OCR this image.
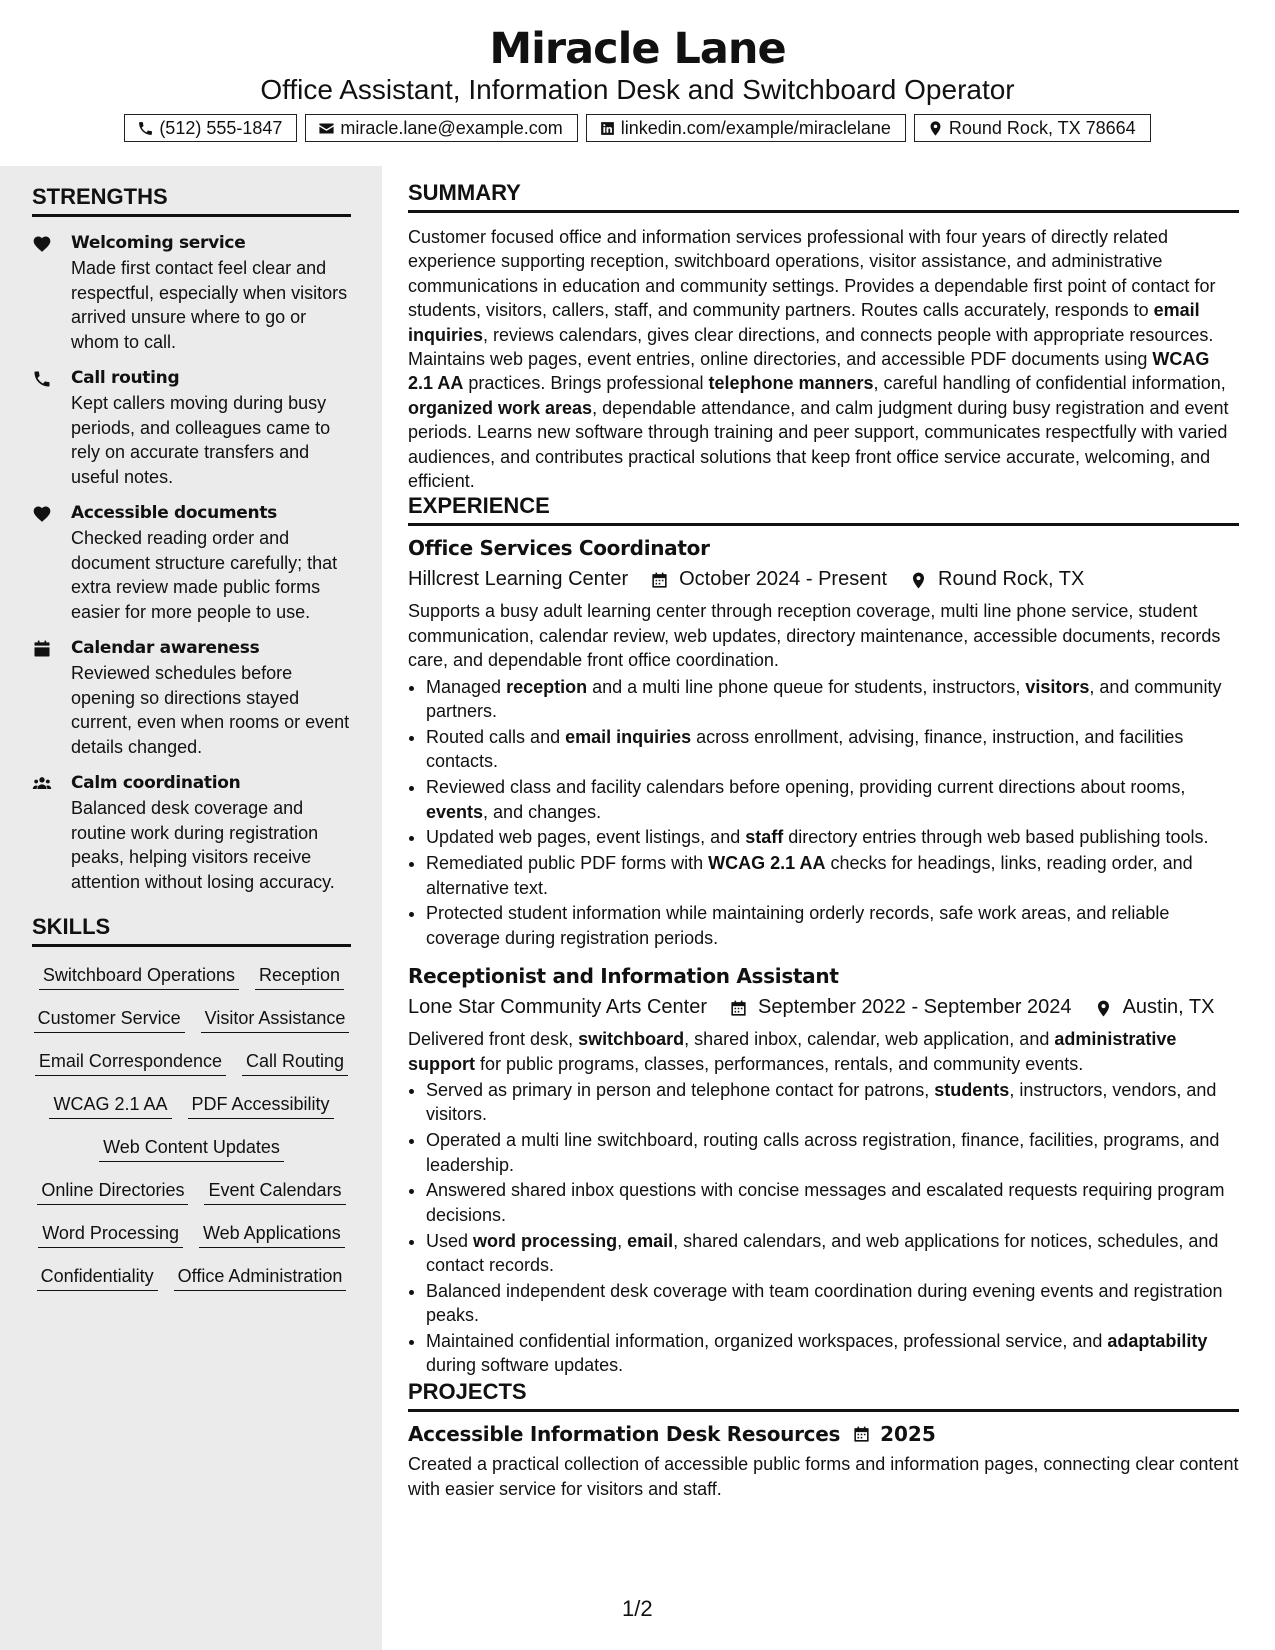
Miracle Lane
Office Assistant, Information Desk and Switchboard Operator
(512) 555-1847	miracle.lane@example.com	linkedin.com/example/miraclelane	Round Rock, TX 78664
STRENGTHS
Welcoming service
Made first contact feel clear and respectful, especially when visitors arrived unsure where to go or whom to call.
Call routing
Kept callers moving during busy periods, and colleagues came to rely on accurate transfers and useful notes.
Accessible documents
Checked reading order and document structure carefully; that extra review made public forms easier for more people to use.
Calendar awareness
Reviewed schedules before opening so directions stayed current, even when rooms or event details changed.
Calm coordination
Balanced desk coverage and routine work during registration peaks, helping visitors receive attention without losing accuracy.
SKILLS
Switchboard Operations Reception
Customer Service Visitor Assistance
Email Correspondence Call Routing
WCAG 2.1 AA PDF Accessibility
Web Content Updates
Online Directories Event Calendars
Word Processing Web Applications
Confidentiality Office Administration
SUMMARY

Customer focused office and information services professional with four years of directly related experience supporting reception, switchboard operations, visitor assistance, and administrative communications in education and community settings. Provides a dependable first point of contact for students, visitors, callers, staff, and community partners. Routes calls accurately, responds to email inquiries, reviews calendars, gives clear directions, and connects people with appropriate resources. Maintains web pages, event entries, online directories, and accessible PDF documents using WCAG 2.1 AA practices. Brings professional telephone manners, careful handling of confidential information, organized work areas, dependable attendance, and calm judgment during busy registration and event periods. Learns new software through training and peer support, communicates respectfully with varied audiences, and contributes practical solutions that keep front office service accurate, welcoming, and efficient.

EXPERIENCE
Office Services Coordinator
Hillcrest Learning Center	October 2024 - Present	Round Rock, TX

Supports a busy adult learning center through reception coverage, multi line phone service, student communication, calendar review, web updates, directory maintenance, accessible documents, records care, and dependable front office coordination.

• Managed reception and a multi line phone queue for students, instructors, visitors, and community partners.
• Routed calls and email inquiries across enrollment, advising, finance, instruction, and facilities contacts.
• Reviewed class and facility calendars before opening, providing current directions about rooms, events, and changes.
• Updated web pages, event listings, and staff directory entries through web based publishing tools.
• Remediated public PDF forms with WCAG 2.1 AA checks for headings, links, reading order, and alternative text.
• Protected student information while maintaining orderly records, safe work areas, and reliable coverage during registration periods.
Receptionist and Information Assistant
Lone Star Community Arts Center	September 2022 - September 2024	Austin, TX

Delivered front desk, switchboard, shared inbox, calendar, web application, and administrative support for public programs, classes, performances, rentals, and community events.

• Served as primary in person and telephone contact for patrons, students, instructors, vendors, and visitors.
• Operated a multi line switchboard, routing calls across registration, finance, facilities, programs, and leadership.
• Answered shared inbox questions with concise messages and escalated requests requiring program decisions.
• Used word processing, email, shared calendars, and web applications for notices, schedules, and contact records.
• Balanced independent desk coverage with team coordination during evening events and registration peaks.
• Maintained confidential information, organized workspaces, professional service, and adaptability during software updates.
PROJECTS
Accessible Information Desk Resources 2025

Created a practical collection of accessible public forms and information pages, connecting clear content with easier service for visitors and staff.

1/2
